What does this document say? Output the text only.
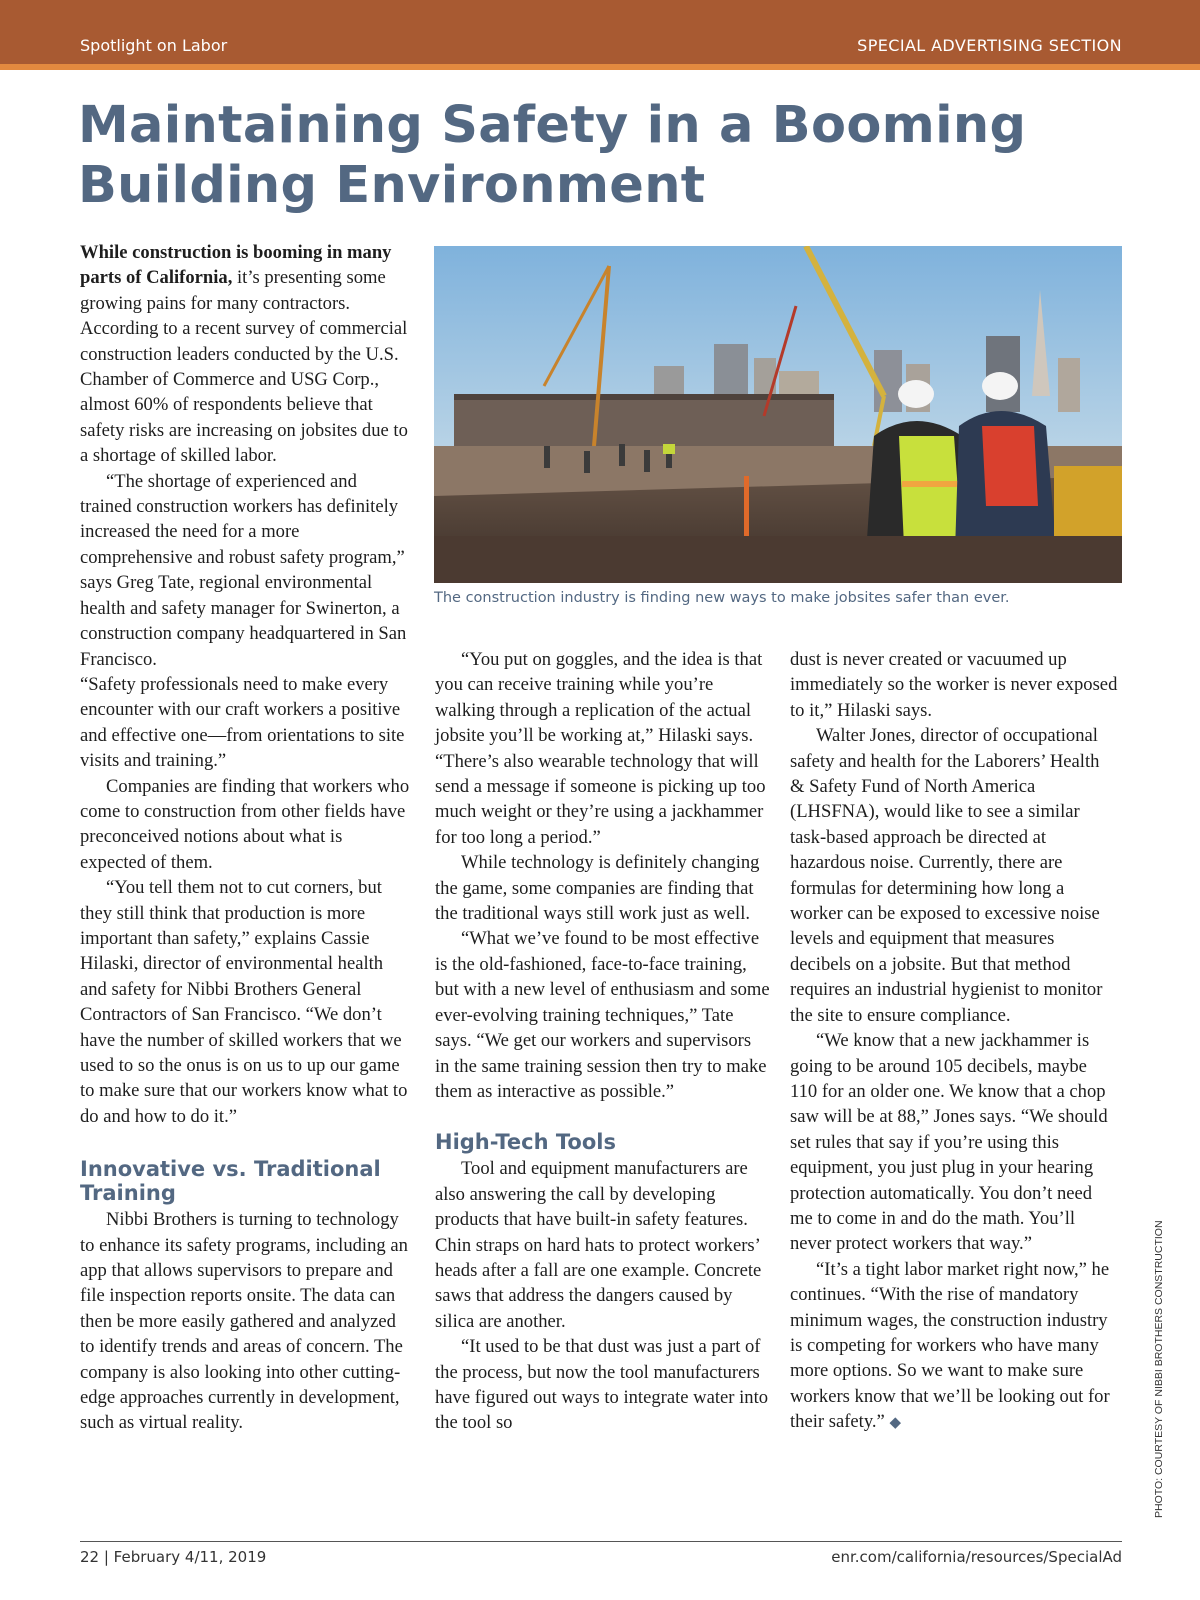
Spotlight on Labor	SPECIAL ADVERTISING SECTION
Maintaining Safety in a Booming Building Environment

While construction is booming in many parts of California, it’s presenting some growing pains for many contractors. According to a recent survey of commercial construction leaders conducted by the U.S. Chamber of Commerce and USG Corp., almost 60% of respondents believe that safety risks are increasing on jobsites due to a shortage of skilled labor.

“The shortage of experienced and trained construction workers has definitely increased the need for a more comprehensive and robust safety program,” says Greg Tate, regional environmental health and safety manager for Swinerton, a construction company headquartered in San Francisco.

“Safety professionals need to make every encounter with our craft workers a positive and effective one—from orientations to site visits and training.”

Companies are finding that workers who come to construction from other fields have preconceived notions about what is expected of them.

“You tell them not to cut corners, but they still think that production is more important than safety,” explains Cassie Hilaski, director of environmental health and safety for Nibbi Brothers General Contractors of San Francisco. “We don’t have the number of skilled workers that we used to so the onus is on us to up our game to make sure that our workers know what to do and how to do it.”

Innovative vs. Traditional Training

Nibbi Brothers is turning to technology to enhance its safety programs, including an app that allows supervisors to prepare and file inspection reports onsite. The data can then be more easily gathered and analyzed to identify trends and areas of concern. The company is also looking into other cutting-edge approaches currently in development, such as virtual reality.

The construction industry is finding new ways to make jobsites safer than ever.

“You put on goggles, and the idea is that you can receive training while you’re walking through a replication of the actual jobsite you’ll be working at,” Hilaski says. “There’s also wearable technology that will send a message if someone is picking up too much weight or they’re using a jackhammer for too long a period.”

While technology is definitely changing the game, some companies are finding that the traditional ways still work just as well.

“What we’ve found to be most effective is the old-fashioned, face-to-face training, but with a new level of enthusiasm and some ever-evolving training techniques,” Tate says. “We get our workers and supervisors in the same training session then try to make them as interactive as possible.”

High-Tech Tools

Tool and equipment manufacturers are also answering the call by developing products that have built-in safety features. Chin straps on hard hats to protect workers’ heads after a fall are one example. Concrete saws that address the dangers caused by silica are another.

“It used to be that dust was just a part of the process, but now the tool manufacturers have figured out ways to integrate water into the tool so

dust is never created or vacuumed up immediately so the worker is never exposed to it,” Hilaski says.

Walter Jones, director of occupational safety and health for the Laborers’ Health & Safety Fund of North America (LHSFNA), would like to see a similar task-based approach be directed at hazardous noise. Currently, there are formulas for determining how long a worker can be exposed to excessive noise levels and equipment that measures decibels on a jobsite. But that method requires an industrial hygienist to monitor the site to ensure compliance.

“We know that a new jackhammer is going to be around 105 decibels, maybe 110 for an older one. We know that a chop saw will be at 88,” Jones says. “We should set rules that say if you’re using this equipment, you just plug in your hearing protection automatically. You don’t need me to come in and do the math. You’ll never protect workers that way.”

“It’s a tight labor market right now,” he continues. “With the rise of mandatory minimum wages, the construction industry is competing for workers who have many more options. So we want to make sure workers know that we’ll be looking out for their safety.” ◆	PHOTO: COURTESY OF NIBBI BROTHERS CONSTRUCTION
22 | February 4/11, 2019	enr.com/california/resources/SpecialAd
